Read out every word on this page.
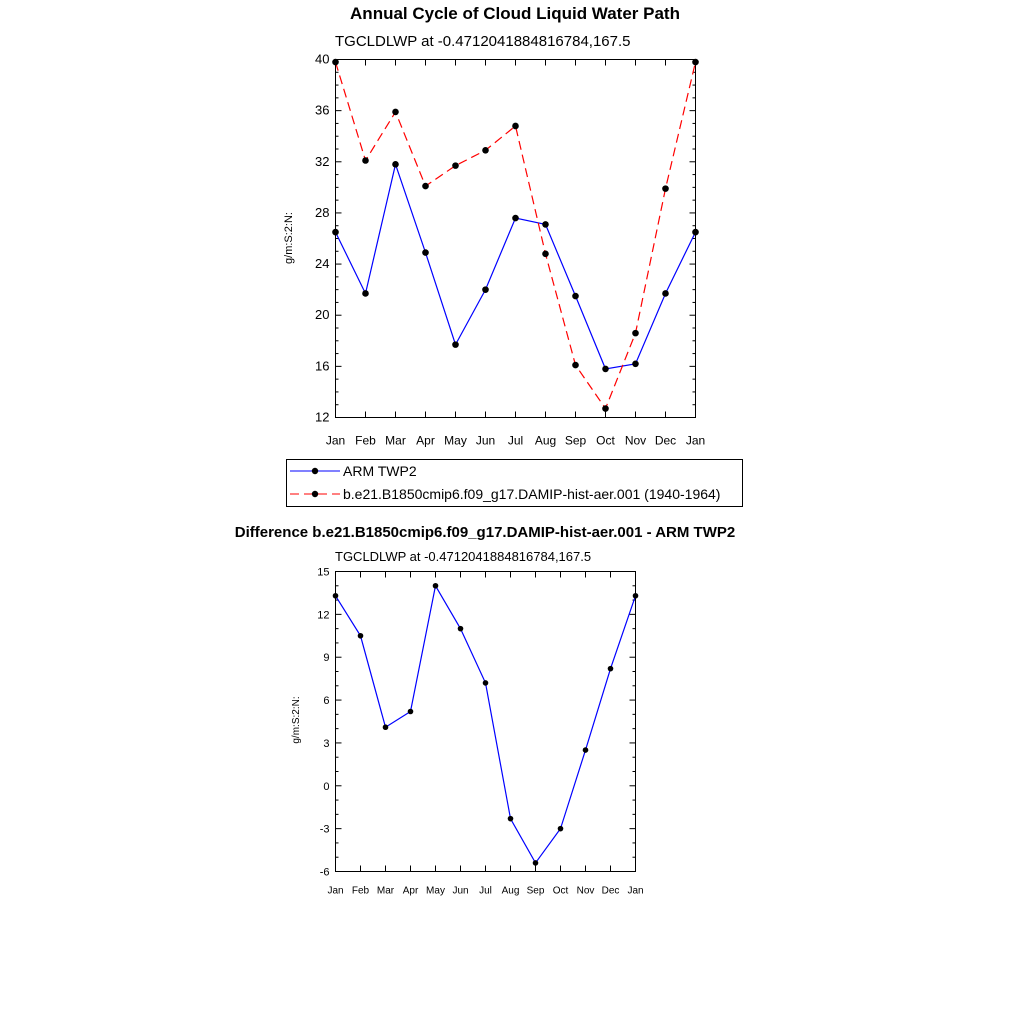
Annual Cycle of Cloud Liquid Water Path
TGCLDLWP at -0.4712041884816784,167.5
g/m:S:2:N:
12
16
20
24
28
32
36
40
Jan Feb Mar Apr May Jun Jul Aug Sep Oct Nov Dec Jan
ARM TWP2
b.e21.B1850cmip6.f09_g17.DAMIP-hist-aer.001 (1940-1964)
Difference b.e21.B1850cmip6.f09_g17.DAMIP-hist-aer.001 - ARM TWP2
TGCLDLWP at -0.4712041884816784,167.5
g/m:S:2:N:
-6
-3
0
3
6
9
12
15
Jan Feb Mar Apr May Jun Jul Aug Sep Oct Nov Dec Jan
